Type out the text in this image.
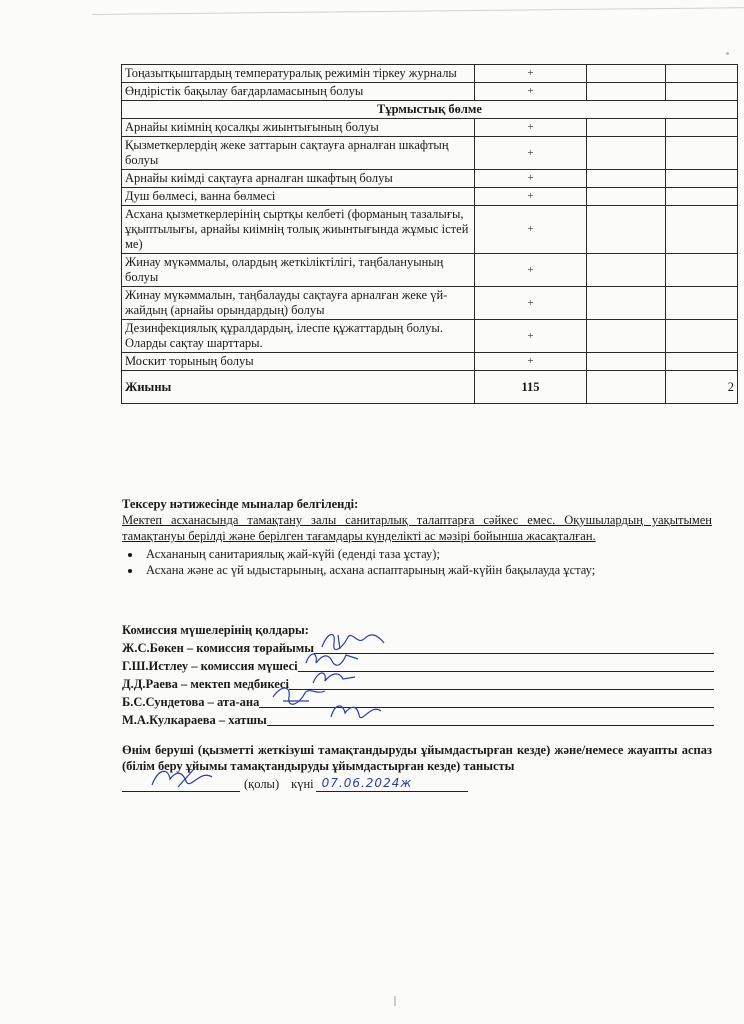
Тоңазытқыштардың температуралық режимін тіркеу журналы	+		
Өндірістік бақылау бағдарламасының болуы	+		
Тұрмыстық бөлме			
Арнайы киімнің қосалқы жиынтығының болуы	+		
Қызметкерлердің жеке заттарын сақтауға арналған шкафтың болуы	+		
Арнайы киімді сақтауға арналған шкафтың болуы	+		
Душ бөлмесі, ванна бөлмесі	+		
Асхана қызметкерлерінің сыртқы келбеті (форманың тазалығы, ұқыптылығы, арнайы киімнің толық жиынтығында жұмыс істей ме)	+		
Жинау мүкәммалы, олардың жеткіліктілігі, таңбалануының болуы	+		
Жинау мүкәммалын, таңбалауды сақтауға арналған жеке үй-жайдың (арнайы орындардың) болуы	+		
Дезинфекциялық құралдардың, ілеспе құжаттардың болуы. Оларды сақтау шарттары.	+		
Москит торының болуы	+		
Жиыны	115		2
Тексеру нәтижесінде мыналар белгіленді:

Мектеп асханасында тамақтану залы санитарлық талаптарға сәйкес емес. Оқушылардың уақытымен тамақтануы берілді және берілген тағамдары күнделікті ас мәзірі бойынша жасақталған.

• Асхананың санитариялық жай-күйі (еденді таза ұстау);
• Асхана және ас үй ыдыстарының, асхана аспаптарының жай-күйін бақылауда ұстау;
Комиссия мүшелерінің қолдары:
Ж.С.Бөкен – комиссия төрайымы
Г.Ш.Истлеу – комиссия мүшесі
Д.Д.Раева – мектеп медбикесі
Б.С.Сундетова – ата-ана
М.А.Кулкараева – хатшы
Өнім беруші (қызметті жеткізуші тамақтандыруды ұйымдастырған кезде) және/немесе жауапты аспаз (білім беру ұйымы тамақтандыруды ұйымдастырған кезде) танысты
(қолы) күні 07.06.2024ж
